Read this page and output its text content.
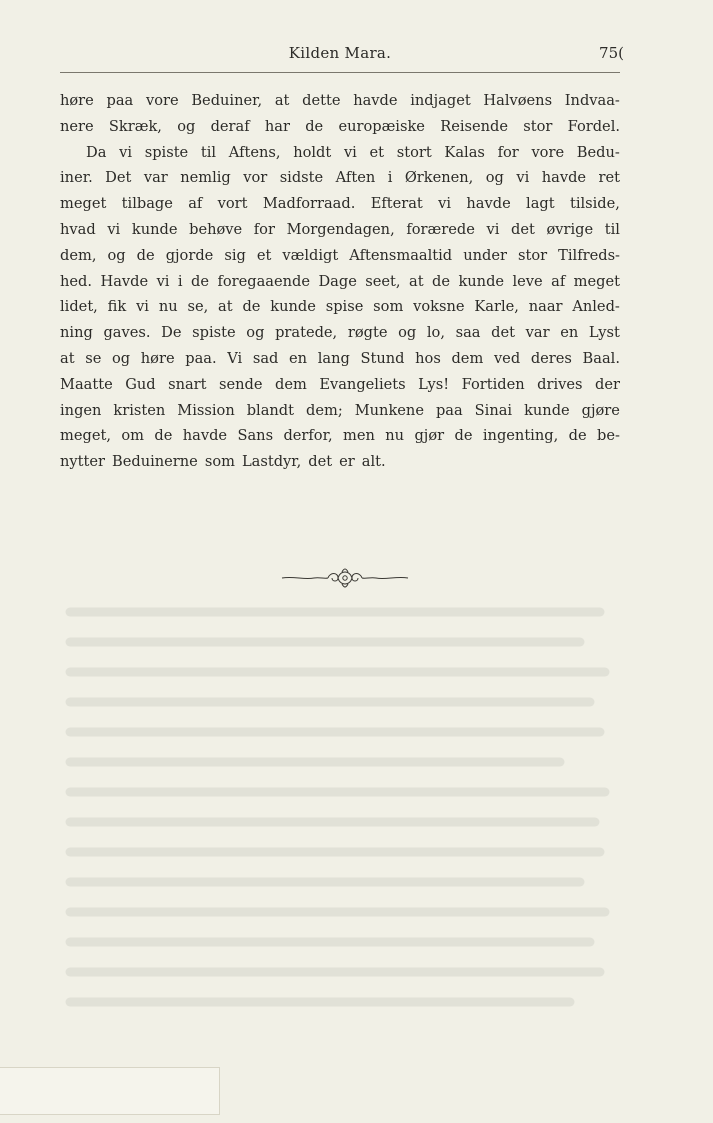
Kilden Mara.	75(
høre paa vore Beduiner, at dette havde indjaget Halvøens Indvaa-
nere Skræk, og deraf har de europæiske Reisende stor Fordel.
Da vi spiste til Aftens, holdt vi et stort Kalas for vore Bedu-
iner. Det var nemlig vor sidste Aften i Ørkenen, og vi havde ret
meget tilbage af vort Madforraad. Efterat vi havde lagt tilside,
hvad vi kunde behøve for Morgendagen, forærede vi det øvrige til
dem, og de gjorde sig et vældigt Aftensmaaltid under stor Tilfreds-
hed. Havde vi i de foregaaende Dage seet, at de kunde leve af meget
lidet, fik vi nu se, at de kunde spise som voksne Karle, naar Anled-
ning gaves. De spiste og pratede, røgte og lo, saa det var en Lyst
at se og høre paa. Vi sad en lang Stund hos dem ved deres Baal.
Maatte Gud snart sende dem Evangeliets Lys! Fortiden drives der
ingen kristen Mission blandt dem; Munkene paa Sinai kunde gjøre
meget, om de havde Sans derfor, men nu gjør de ingenting, de be-
nytter Beduinerne som Lastdyr, det er alt.
